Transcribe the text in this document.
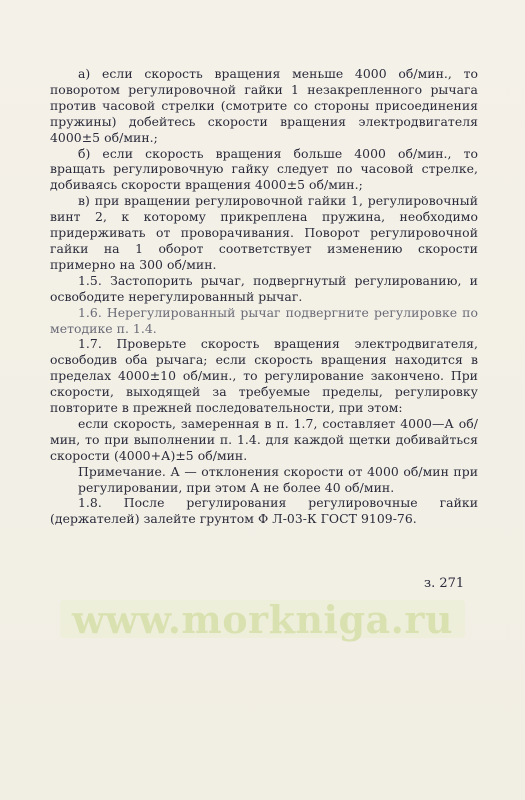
а) если скорость вращения меньше 4000 об/мин., то поворотом регулировочной гайки 1 незакрепленного рычага против часовой стрелки (смотрите со стороны присоединения пружины) добейтесь скорости вращения электродвигателя 4000±5 об/мин.;

б) если скорость вращения больше 4000 об/мин., то вращать регулировочную гайку следует по часовой стрелке, добиваясь скорости вращения 4000±5 об/мин.;

в) при вращении регулировочной гайки 1, регулировочный винт 2, к которому прикреплена пружина, необходимо придерживать от проворачивания. Поворот регулировочной гайки на 1 оборот соответствует изменению скорости примерно на 300 об/мин.

1.5. Застопорить рычаг, подвергнутый регулированию, и освободите нерегулированный рычаг.

1.6. Нерегулированный рычаг подвергните регулировке по методике п. 1.4.

1.7. Проверьте скорость вращения электродвигателя, освободив оба рычага; если скорость вращения находится в пределах 4000±10 об/мин., то регулирование закончено. При скорости, выходящей за требуемые пределы, регулировку повторите в прежней последовательности, при этом:

если скорость, замеренная в п. 1.7, составляет 4000—А об/мин, то при выполнении п. 1.4. для каждой щетки добивайться скорости (4000+А)±5 об/мин.

Примечание. А — отклонения скорости от 4000 об/мин при регулировании, при этом А не более 40 об/мин.

1.8. После регулирования регулировочные гайки (держателей) залейте грунтом Ф Л-03-К ГОСТ 9109-76.

з. 271
www.morkniga.ru
